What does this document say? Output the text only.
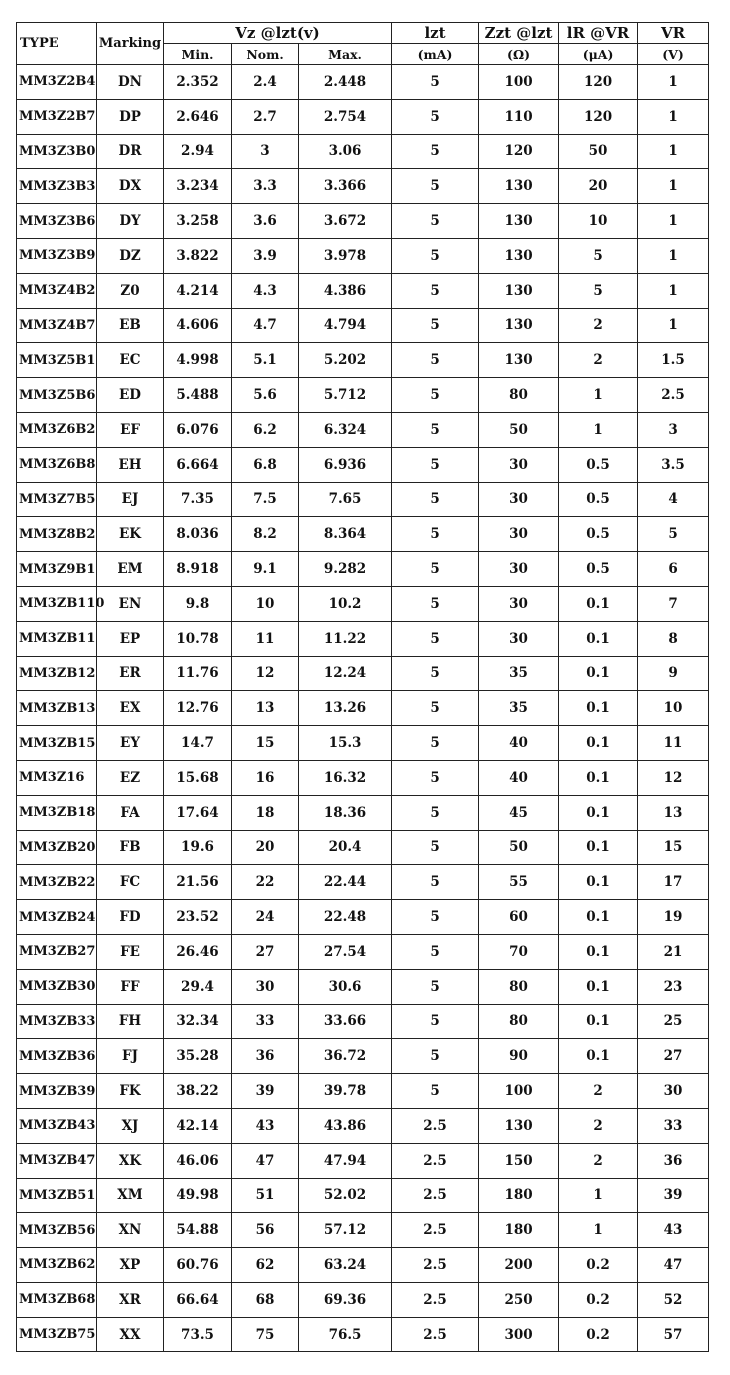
TYPE	Marking	Vz @lzt(v)			lzt	Zzt @lzt	lR @VR	VR
		Min.	Nom.	Max.	(mA)	(Ω)	(μA)	(V)
MM3Z2B4	DN	2.352	2.4	2.448	5	100	120	1
MM3Z2B7	DP	2.646	2.7	2.754	5	110	120	1
MM3Z3B0	DR	2.94	3	3.06	5	120	50	1
MM3Z3B3	DX	3.234	3.3	3.366	5	130	20	1
MM3Z3B6	DY	3.258	3.6	3.672	5	130	10	1
MM3Z3B9	DZ	3.822	3.9	3.978	5	130	5	1
MM3Z4B2	Z0	4.214	4.3	4.386	5	130	5	1
MM3Z4B7	EB	4.606	4.7	4.794	5	130	2	1
MM3Z5B1	EC	4.998	5.1	5.202	5	130	2	1.5
MM3Z5B6	ED	5.488	5.6	5.712	5	80	1	2.5
MM3Z6B2	EF	6.076	6.2	6.324	5	50	1	3
MM3Z6B8	EH	6.664	6.8	6.936	5	30	0.5	3.5
MM3Z7B5	EJ	7.35	7.5	7.65	5	30	0.5	4
MM3Z8B2	EK	8.036	8.2	8.364	5	30	0.5	5
MM3Z9B1	EM	8.918	9.1	9.282	5	30	0.5	6
MM3ZB110	EN	9.8	10	10.2	5	30	0.1	7
MM3ZB11	EP	10.78	11	11.22	5	30	0.1	8
MM3ZB12	ER	11.76	12	12.24	5	35	0.1	9
MM3ZB13	EX	12.76	13	13.26	5	35	0.1	10
MM3ZB15	EY	14.7	15	15.3	5	40	0.1	11
MM3Z16	EZ	15.68	16	16.32	5	40	0.1	12
MM3ZB18	FA	17.64	18	18.36	5	45	0.1	13
MM3ZB20	FB	19.6	20	20.4	5	50	0.1	15
MM3ZB22	FC	21.56	22	22.44	5	55	0.1	17
MM3ZB24	FD	23.52	24	22.48	5	60	0.1	19
MM3ZB27	FE	26.46	27	27.54	5	70	0.1	21
MM3ZB30	FF	29.4	30	30.6	5	80	0.1	23
MM3ZB33	FH	32.34	33	33.66	5	80	0.1	25
MM3ZB36	FJ	35.28	36	36.72	5	90	0.1	27
MM3ZB39	FK	38.22	39	39.78	5	100	2	30
MM3ZB43	XJ	42.14	43	43.86	2.5	130	2	33
MM3ZB47	XK	46.06	47	47.94	2.5	150	2	36
MM3ZB51	XM	49.98	51	52.02	2.5	180	1	39
MM3ZB56	XN	54.88	56	57.12	2.5	180	1	43
MM3ZB62	XP	60.76	62	63.24	2.5	200	0.2	47
MM3ZB68	XR	66.64	68	69.36	2.5	250	0.2	52
MM3ZB75	XX	73.5	75	76.5	2.5	300	0.2	57
